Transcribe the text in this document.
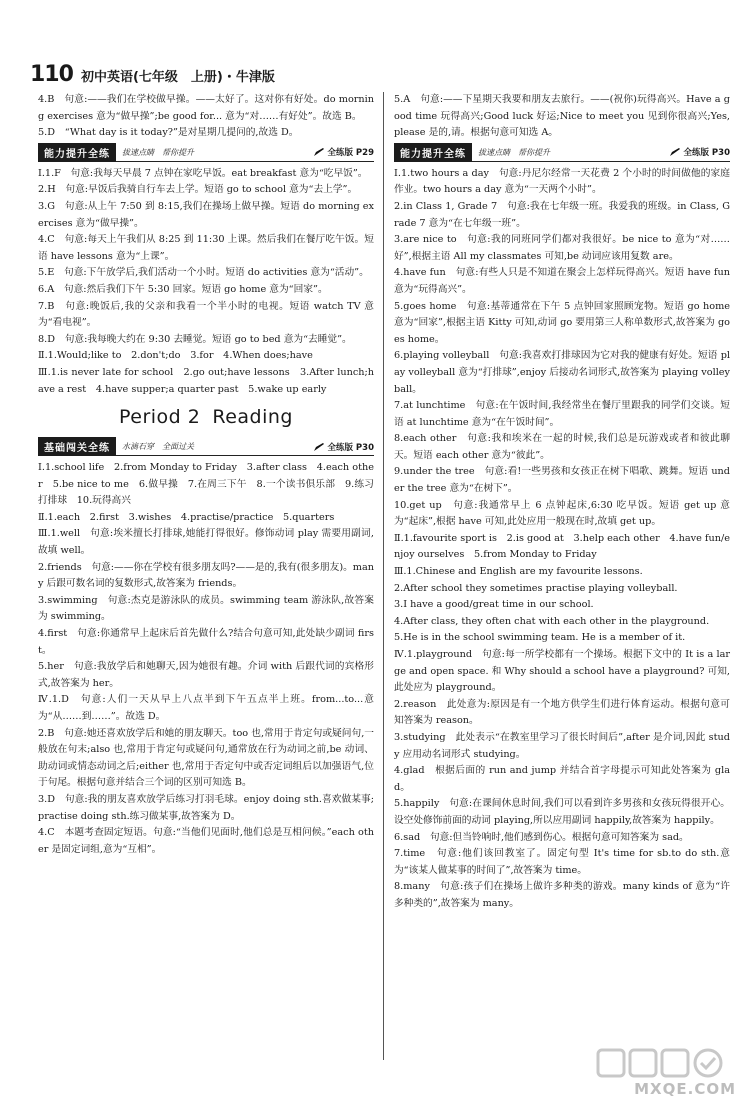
110 初中英语(七年级　上册)・牛津版

4.B　句意:——我们在学校做早操。——太好了。这对你有好处。do morning exercises 意为“做早操”;be good for... 意为“对……有好处”。故选 B。

5.D　“What day is it today?”是对星期几提问的,故选 D。

能力提升全练	拔速点睛　帮你提升	全练版 P29

Ⅰ.1.F　句意:我每天早晨 7 点钟在家吃早饭。eat breakfast 意为“吃早饭”。

2.H　句意:早饭后我骑自行车去上学。短语 go to school 意为“去上学”。

3.G　句意:从上午 7:50 到 8:15,我们在操场上做早操。短语 do morning exercises 意为“做早操”。

4.C　句意:每天上午我们从 8:25 到 11:30 上课。然后我们在餐厅吃午饭。短语 have lessons 意为“上课”。

5.E　句意:下午放学后,我们活动一个小时。短语 do activities 意为“活动”。

6.A　句意:然后我们下午 5:30 回家。短语 go home 意为“回家”。

7.B　句意:晚饭后,我的父亲和我看一个半小时的电视。短语 watch TV 意为“看电视”。

8.D　句意:我每晚大约在 9:30 去睡觉。短语 go to bed 意为“去睡觉”。

Ⅱ.1.Would;like to　2.don't;do　3.for　4.When does;have

Ⅲ.1.is never late for school　2.go out;have lessons　3.After lunch;have a rest　4.have supper;a quarter past　5.wake up early

Period 2 Reading
基础闯关全练	水滴石穿　全面过关	全练版 P30

Ⅰ.1.school life　2.from Monday to Friday　3.after class　4.each other　5.be nice to me　6.做早操　7.在周三下午　8.一个读书俱乐部　9.练习打排球　10.玩得高兴

Ⅱ.1.each　2.first　3.wishes　4.practise/practice　5.quarters

Ⅲ.1.well　句意:埃米擅长打排球,她能打得很好。修饰动词 play 需要用副词,故填 well。

2.friends　句意:——你在学校有很多朋友吗?——是的,我有(很多朋友)。many 后跟可数名词的复数形式,故答案为 friends。

3.swimming　句意:杰克是游泳队的成员。swimming team 游泳队,故答案为 swimming。

4.first　句意:你通常早上起床后首先做什么?结合句意可知,此处缺少副词 first。

5.her　句意:我放学后和她聊天,因为她很有趣。介词 with 后跟代词的宾格形式,故答案为 her。

Ⅳ.1.D　句意:人们一天从早上八点半到下午五点半上班。from...to...意为“从……到……”。故选 D。

2.B　句意:她还喜欢放学后和她的朋友聊天。too 也,常用于肯定句或疑问句,一般放在句末;also 也,常用于肯定句或疑问句,通常放在行为动词之前,be 动词、助动词或情态动词之后;either 也,常用于否定句中或否定词组后以加强语气,位于句尾。根据句意并结合三个词的区别可知选 B。

3.D　句意:我的朋友喜欢放学后练习打羽毛球。enjoy doing sth.喜欢做某事;practise doing sth.练习做某事,故答案为 D。

4.C　本题考查固定短语。句意:“当他们见面时,他们总是互相问候。”each other 是固定词组,意为“互相”。

5.A　句意:——下星期天我要和朋友去旅行。——(祝你)玩得高兴。Have a good time 玩得高兴;Good luck 好运;Nice to meet you 见到你很高兴;Yes, please 是的,请。根据句意可知选 A。

能力提升全练	拔速点睛　帮你提升	全练版 P30

Ⅰ.1.two hours a day　句意:丹尼尔经常一天花费 2 个小时的时间做他的家庭作业。two hours a day 意为“一天两个小时”。

2.in Class 1, Grade 7　句意:我在七年级一班。我爱我的班级。in Class, Grade 7 意为“在七年级一班”。

3.are nice to　句意:我的同班同学们都对我很好。be nice to 意为“对……好”,根据主语 All my classmates 可知,be 动词应该用复数 are。

4.have fun　句意:有些人只是不知道在聚会上怎样玩得高兴。短语 have fun 意为“玩得高兴”。

5.goes home　句意:基蒂通常在下午 5 点钟回家照顾宠物。短语 go home 意为“回家”,根据主语 Kitty 可知,动词 go 要用第三人称单数形式,故答案为 goes home。

6.playing volleyball　句意:我喜欢打排球因为它对我的健康有好处。短语 play volleyball 意为“打排球”,enjoy 后接动名词形式,故答案为 playing volleyball。

7.at lunchtime　句意:在午饭时间,我经常坐在餐厅里跟我的同学们交谈。短语 at lunchtime 意为“在午饭时间”。

8.each other　句意:我和埃米在一起的时候,我们总是玩游戏或者和彼此聊天。短语 each other 意为“彼此”。

9.under the tree　句意:看!一些男孩和女孩正在树下唱歌、跳舞。短语 under the tree 意为“在树下”。

10.get up　句意:我通常早上 6 点钟起床,6:30 吃早饭。短语 get up 意为“起床”,根据 have 可知,此处应用一般现在时,故填 get up。

Ⅱ.1.favourite sport is　2.is good at　3.help each other　4.have fun/enjoy ourselves　5.from Monday to Friday

Ⅲ.1.Chinese and English are my favourite lessons.

2.After school they sometimes practise playing volleyball.

3.I have a good/great time in our school.

4.After class, they often chat with each other in the playground.

5.He is in the school swimming team. He is a member of it.

Ⅳ.1.playground　句意:每一所学校都有一个操场。根据下文中的 It is a large and open space. 和 Why should a school have a playground? 可知,此处应为 playground。

2.reason　此处意为:原因是有一个地方供学生们进行体育运动。根据句意可知答案为 reason。

3.studying　此处表示“在教室里学习了很长时间后”,after 是介词,因此 study 应用动名词形式 studying。

4.glad　根据后面的 run and jump 并结合首字母提示可知此处答案为 glad。

5.happily　句意:在课间休息时间,我们可以看到许多男孩和女孩玩得很开心。设空处修饰前面的动词 playing,所以应用副词 happily,故答案为 happily。

6.sad　句意:但当铃响时,他们感到伤心。根据句意可知答案为 sad。

7.time　句意:他们该回教室了。固定句型 It's time for sb.to do sth.意为“该某人做某事的时间了”,故答案为 time。

8.many　句意:孩子们在操场上做许多种类的游戏。many kinds of 意为“许多种类的”,故答案为 many。

MXQE.COM
